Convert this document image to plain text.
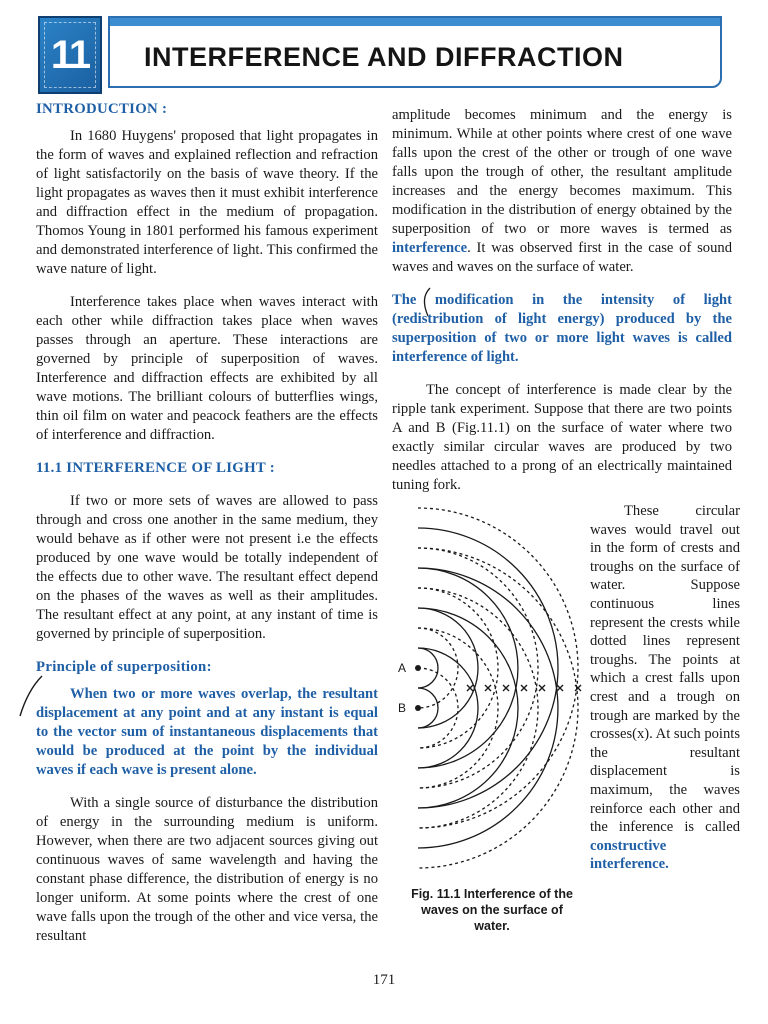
11 INTERFERENCE AND DIFFRACTION
INTRODUCTION :

In 1680 Huygens' proposed that light propagates in the form of waves and explained reflection and refraction of light satisfactorily on the basis of wave theory. If the light propagates as waves then it must exhibit interference and diffraction effect in the medium of propagation. Thomos Young in 1801 performed his famous experiment and demonstrated interference of light. This confirmed the wave nature of light.

Interference takes place when waves interact with each other while diffraction takes place when waves passes through an aperture. These interactions are governed by principle of superposition of waves. Interference and diffraction effects are exhibited by all wave motions. The brilliant colours of butterflies wings, thin oil film on water and peacock feathers are the effects of interference and diffraction.

11.1 INTERFERENCE OF LIGHT :

If two or more sets of waves are allowed to pass through and cross one another in the same medium, they would behave as if other were not present i.e the effects produced by one wave would be totally independent of the effects due to other wave. The resultant effect depend on the phases of the waves as well as their amplitudes. The resultant effect at any point, at any instant of time is governed by principle of superposition.

Principle of superposition:

When two or more waves overlap, the resultant displacement at any point and at any instant is equal to the vector sum of instantaneous displacements that would be produced at the point by the individual waves if each wave is present alone.

With a single source of disturbance the distribution of energy in the surrounding medium is uniform. However, when there are two adjacent sources giving out continuous waves of same wavelength and having the constant phase difference, the distribution of energy is no longer uniform. At some points where the crest of one wave falls upon the trough of the other and vice versa, the resultant

amplitude becomes minimum and the energy is minimum. While at other points where crest of one wave falls upon the crest of the other or trough of one wave falls upon the trough of other, the resultant amplitude increases and the energy becomes maximum. This modification in the distribution of energy obtained by the superposition of two or more waves is termed as interference. It was observed first in the case of sound waves and waves on the surface of water.

The modification in the intensity of light (redistribution of light energy) produced by the superposition of two or more light waves is called interference of light.

The concept of interference is made clear by the ripple tank experiment. Suppose that there are two points A and B (Fig.11.1) on the surface of water where two exactly similar circular waves are produced by two needles attached to a prong of an electrically maintained tuning fork.

A
B
Fig. 11.1 Interference of the waves on the surface of water.

These circular waves would travel out in the form of crests and troughs on the surface of water. Suppose continuous lines represent the crests while dotted lines represent troughs. The points at which a crest falls upon crest and a trough on trough are marked by the crosses(x). At such points the resultant displacement is maximum, the waves reinforce each other and the inference is called constructive interference.

171
